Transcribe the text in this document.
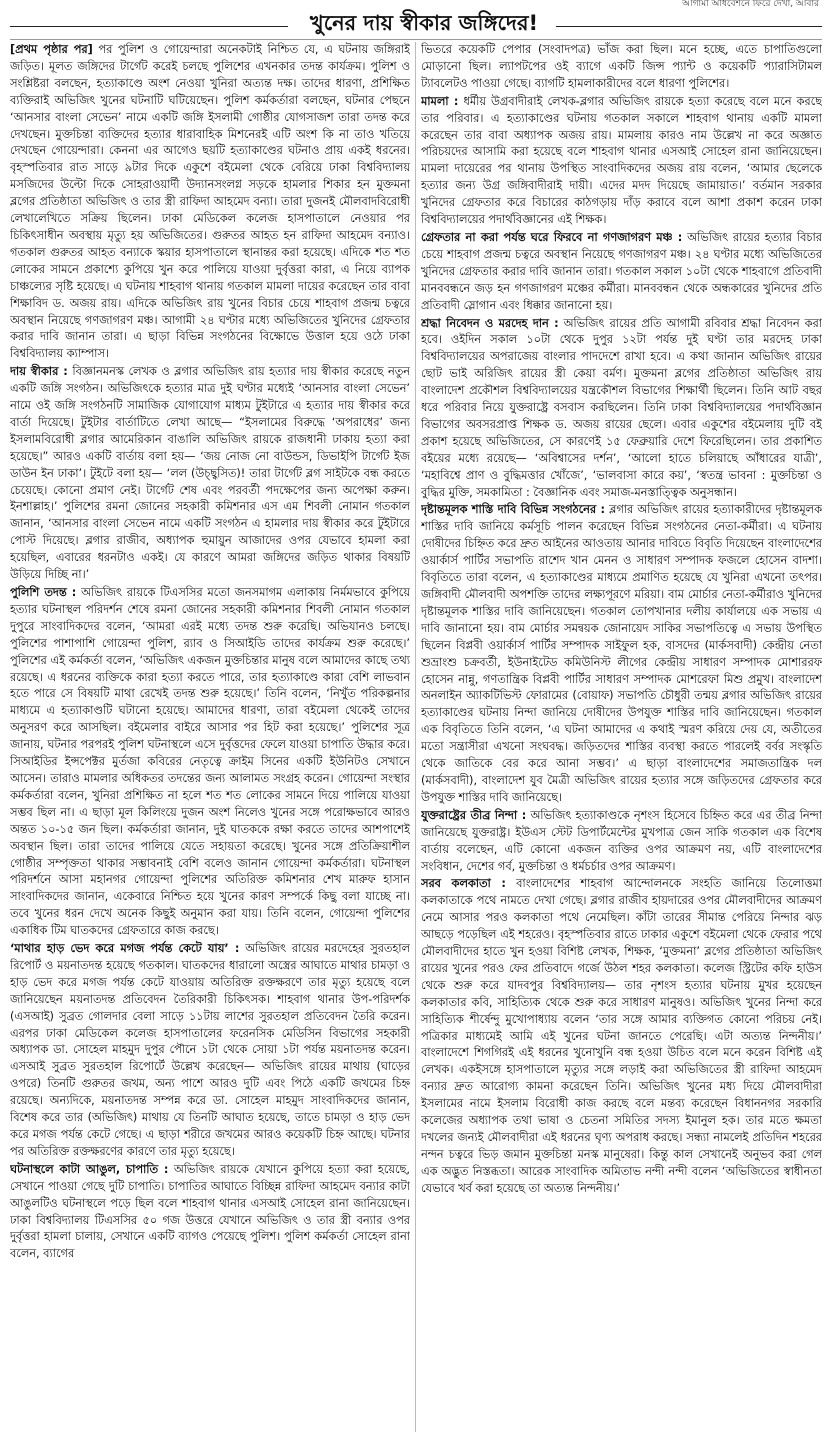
আগামী অধিবেশনে ফিরে দেখা, আবার
খুনের দায় স্বীকার জঙ্গিদের!

[প্রথম পৃষ্ঠার পর] পর পুলিশ ও গোয়েন্দারা অনেকটাই নিশ্চিত যে, এ ঘটনায় জঙ্গিরাই জড়িত। মূলত জঙ্গিদের টার্গেট করেই চলছে পুলিশের এখনকার তদন্ত কার্যক্রম। পুলিশ ও সংশ্লিষ্টরা বলছেন, হত্যাকাণ্ডে অংশ নেওয়া খুনিরা অত্যন্ত দক্ষ। তাদের ধারণা, প্রশিক্ষিত ব্যক্তিরাই অভিজিৎ খুনের ঘটনাটি ঘটিয়েছেন। পুলিশ কর্মকর্তারা বলছেন, ঘটনার পেছনে ‘আনসার বাংলা সেভেন’ নামে একটি জঙ্গি ইসলামী গোষ্ঠীর যোগসাজশ তারা তদন্ত করে দেখছেন। মুক্তচিন্তা ব্যক্তিদের হত্যার ধারাবাহিক মিশনেরই এটি অংশ কি না তাও খতিয়ে দেখছেন গোয়েন্দারা। কেননা এর আগেও ছয়টি হত্যাকাণ্ডের ঘটনাও প্রায় একই ধরনের। বৃহস্পতিবার রাত সাড়ে ৯টার দিকে একুশে বইমেলা থেকে বেরিয়ে ঢাকা বিশ্ববিদ্যালয় মসজিদের উল্টো দিকে সোহরাওয়ার্দী উদ্যানসংলগ্ন সড়কে হামলার শিকার হন মুক্তমনা ব্লগের প্রতিষ্ঠাতা অভিজিৎ ও তার স্ত্রী রাফিদা আহমেদ বন্যা। তারা দুজনই মৌলবাদবিরোধী লেখালেখিতে সক্রিয় ছিলেন। ঢাকা মেডিকেল কলেজ হাসপাতালে নেওয়ার পর চিকিৎসাধীন অবস্থায় মৃত্যু হয় অভিজিতের। গুরুতর আহত হন রাফিদা আহমেদ বন্যাও। গতকাল গুরুতর আহত বন্যাকে স্কয়ার হাসপাতালে স্থানান্তর করা হয়েছে। এদিকে শত শত লোকের সামনে প্রকাশ্যে কুপিয়ে খুন করে পালিয়ে যাওয়া দুর্বৃত্তরা কারা, এ নিয়ে ব্যাপক চাঞ্চল্যের সৃষ্টি হয়েছে। এ ঘটনায় শাহবাগ থানায় গতকাল মামলা দায়ের করেছেন তার বাবা শিক্ষাবিদ ড. অজয় রায়। এদিকে অভিজিৎ রায় খুনের বিচার চেয়ে শাহবাগ প্রজন্ম চত্বরে অবস্থান নিয়েছে গণজাগরণ মঞ্চ। আগামী ২৪ ঘণ্টার মধ্যে অভিজিতের খুনিদের গ্রেফতার করার দাবি জানান তারা। এ ছাড়া বিভিন্ন সংগঠনের বিক্ষোভে উত্তাল হয়ে ওঠে ঢাকা বিশ্ববিদ্যালয় ক্যাম্পাস।

দায় স্বীকার : বিজ্ঞানমনস্ক লেখক ও ব্লগার অভিজিৎ রায় হত্যার দায় স্বীকার করেছে নতুন একটি জঙ্গি সংগঠন। অভিজিৎকে হত্যার মাত্র দুই ঘণ্টার মধ্যেই ‘আনসার বাংলা সেভেন’ নামে ওই জঙ্গি সংগঠনটি সামাজিক যোগাযোগ মাধ্যম টুইটারে এ হত্যার দায় স্বীকার করে বার্তা দিয়েছে। টুইটার বার্তাটিতে লেখা আছে— “ইসলামের বিরুদ্ধে ‘অপরাধের’ জন্য ইসলামবিরোধী ব্লগার আমেরিকান বাঙালি অভিজিৎ রায়কে রাজধানী ঢাকায় হত্যা করা হয়েছে।” আরও একটি বার্তায় বলা হয়— ‘জয় নোজ নো বাউন্ডস, ডিভাইপি টার্গেট ইজ ডাউন ইন ঢাকা’। টুইটে বলা হয়— ‘লল (উচ্ছ্বসিত)! তারা টার্গেট ব্লগ সাইটকে বন্ধ করতে চেয়েছে। কোনো প্রমাণ নেই। টার্গেট শেষ এবং পরবর্তী পদক্ষেপের জন্য অপেক্ষা করুন। ইনশাল্লাহ।’ পুলিশের রমনা জোনের সহকারী কমিশনার এস এম শিবলী নোমান গতকাল জানান, ‘আনসার বাংলা সেভেন নামে একটি সংগঠন এ হামলার দায় স্বীকার করে টুইটারে পোস্ট দিয়েছে। ব্লগার রাজীব, অধ্যাপক হুমায়ুন আজাদের ওপর যেভাবে হামলা করা হয়েছিল, এবারের ধরনটাও একই। যে কারণে আমরা জঙ্গিদের জড়িত থাকার বিষয়টি উড়িয়ে দিচ্ছি না।’

পুলিশি তদন্ত : অভিজিৎ রায়কে টিএসসির মতো জনসমাগম এলাকায় নির্মমভাবে কুপিয়ে হত্যার ঘটনাস্থল পরিদর্শন শেষে রমনা জোনের সহকারী কমিশনার শিবলী নোমান গতকাল দুপুরে সাংবাদিকদের বলেন, ‘আমরা এরই মধ্যে তদন্ত শুরু করেছি। অভিযানও চলছে। পুলিশের পাশাপাশি গোয়েন্দা পুলিশ, র‍্যাব ও সিআইডি তাদের কার্যক্রম শুরু করেছে।’ পুলিশের এই কর্মকর্তা বলেন, ‘অভিজিৎ একজন মুক্তচিন্তার মানুষ বলে আমাদের কাছে তথ্য রয়েছে। এ ধরনের ব্যক্তিকে কারা হত্যা করতে পারে, তার হত্যাকাণ্ডে কারা বেশি লাভবান হতে পারে সে বিষয়টি মাথা রেখেই তদন্ত শুরু হয়েছে।’ তিনি বলেন, ‘নিখুঁত পরিকল্পনার মাধ্যমে এ হত্যাকাণ্ডটি ঘটানো হয়েছে। আমাদের ধারণা, তারা বইমেলা থেকেই তাদের অনুসরণ করে আসছিল। বইমেলার বাইরে আসার পর হিট করা হয়েছে।’ পুলিশের সূত্র জানায়, ঘটনার পরপরই পুলিশ ঘটনাস্থলে এসে দুর্বৃত্তদের ফেলে যাওয়া চাপাতি উদ্ধার করে। সিআইডির ইন্সপেক্টর মুর্তজা কবিরের নেতৃত্বে ক্রাইম সিনের একটি ইউনিটও সেখানে আসেন। তারাও মামলার অধিকতর তদন্তের জন্য আলামত সংগ্রহ করেন। গোয়েন্দা সংস্থার কর্মকর্তারা বলেন, খুনিরা প্রশিক্ষিত না হলে শত শত লোকের সামনে দিয়ে পালিয়ে যাওয়া সম্ভব ছিল না। এ ছাড়া মূল কিলিংয়ে দুজন অংশ নিলেও খুনের সঙ্গে পরোক্ষভাবে আরও অন্তত ১০-১৫ জন ছিল। কর্মকর্তারা জানান, দুই ঘাতককে রক্ষা করতে তাদের আশপাশেই অবস্থান ছিল। তারা তাদের পালিয়ে যেতে সহায়তা করেছে। খুনের সঙ্গে প্রতিক্রিয়াশীল গোষ্ঠীর সম্পৃক্ততা থাকার সম্ভাবনাই বেশি বলেও জানান গোয়েন্দা কর্মকর্তারা। ঘটনাস্থল পরিদর্শনে আসা মহানগর গোয়েন্দা পুলিশের অতিরিক্ত কমিশনার শেখ মারুফ হাসান সাংবাদিকদের জানান, একেবারে নিশ্চিত হয়ে খুনের কারণ সম্পর্কে কিছু বলা যাচ্ছে না। তবে খুনের ধরন দেখে অনেক কিছুই অনুমান করা যায়। তিনি বলেন, গোয়েন্দা পুলিশের একাধিক টিম ঘাতকদের গ্রেফতারে কাজ করছে।

‘মাথার হাড় ভেদ করে মগজ পর্যন্ত কেটে যায়’ : অভিজিৎ রায়ের মরদেহের সুরতহাল রিপোর্ট ও ময়নাতদন্ত হয়েছে গতকাল। ঘাতকদের ধারালো অস্ত্রের আঘাতে মাথার চামড়া ও হাড় ভেদ করে মগজ পর্যন্ত কেটে যাওয়ায় অতিরিক্ত রক্তক্ষরণে তার মৃত্যু হয়েছে বলে জানিয়েছেন ময়নাতদন্ত প্রতিবেদন তৈরিকারী চিকিৎসক। শাহবাগ থানার উপ-পরিদর্শক (এসআই) সুব্রত গোলদার বেলা সাড়ে ১১টায় লাশের সুরতহাল প্রতিবেদন তৈরি করেন। এরপর ঢাকা মেডিকেল কলেজ হাসপাতালের ফরেনসিক মেডিসিন বিভাগের সহকারী অধ্যাপক ডা. সোহেল মাহমুদ দুপুর পৌনে ১টা থেকে সোয়া ১টা পর্যন্ত ময়নাতদন্ত করেন। এসআই সুব্রত সুরতহাল রিপোর্টে উল্লেখ করেছেন— অভিজিৎ রায়ের মাথায় (ঘাড়ের ওপরে) তিনটি গুরুতর জখম, অন্য পাশে আরও দুটি এবং পিঠে একটি জখমের চিহ্ন রয়েছে। অন্যদিকে, ময়নাতদন্ত সম্পন্ন করে ডা. সোহেল মাহমুদ সাংবাদিকদের জানান, বিশেষ করে তার (অভিজিৎ) মাথায় যে তিনটি আঘাত হয়েছে, তাতে চামড়া ও হাড় ভেদ করে মগজ পর্যন্ত কেটে গেছে। এ ছাড়া শরীরে জখমের আরও কয়েকটি চিহ্ন আছে। ঘটনার পর অতিরিক্ত রক্তক্ষরণের কারণে তার মৃত্যু হয়েছে।

ঘটনাস্থলে কাটা আঙুল, চাপাতি : অভিজিৎ রায়কে যেখানে কুপিয়ে হত্যা করা হয়েছে, সেখানে পাওয়া গেছে দুটি চাপাতি। চাপাতির আঘাতে বিচ্ছিন্ন রাফিদা আহমেদ বন্যার কাটা আঙুলটিও ঘটনাস্থলে পড়ে ছিল বলে শাহবাগ থানার এসআই সোহেল রানা জানিয়েছেন। ঢাকা বিশ্ববিদ্যালয় টিএসসির ৫০ গজ উত্তরে যেখানে অভিজিৎ ও তার স্ত্রী বন্যার ওপর দুর্বৃত্তরা হামলা চালায়, সেখানে একটি ব্যাগও পেয়েছে পুলিশ। পুলিশ কর্মকর্তা সোহেল রানা বলেন, ব্যাগের

ভিতরে কয়েকটি পেপার (সংবাদপত্র) ভাঁজ করা ছিল। মনে হচ্ছে, এতে চাপাতিগুলো মোড়ানো ছিল। ল্যাপটপের ওই ব্যাগে একটি জিন্স প্যান্ট ও কয়েকটি প্যারাসিটামল ট্যাবলেটও পাওয়া গেছে। ব্যাগটি হামলাকারীদের বলে ধারণা পুলিশের।

মামলা : ধর্মীয় উগ্রবাদীরাই লেখক-ব্লগার অভিজিৎ রায়কে হত্যা করেছে বলে মনে করছে তার পরিবার। এ হত্যাকাণ্ডের ঘটনায় গতকাল সকালে শাহবাগ থানায় একটি মামলা করেছেন তার বাবা অধ্যাপক অজয় রায়। মামলায় কারও নাম উল্লেখ না করে অজ্ঞাত পরিচয়দের আসামি করা হয়েছে বলে শাহবাগ থানার এসআই সোহেল রানা জানিয়েছেন। মামলা দায়েরের পর থানায় উপস্থিত সাংবাদিকদের অজয় রায় বলেন, ‘আমার ছেলেকে হত্যার জন্য উগ্র জঙ্গিবাদীরাই দায়ী। এদের মদদ দিয়েছে জামায়াত।’ বর্তমান সরকার খুনিদের গ্রেফতার করে বিচারের কাঠগড়ায় দাঁড় করাবে বলে আশা প্রকাশ করেন ঢাকা বিশ্ববিদ্যালয়ের পদার্থবিজ্ঞানের এই শিক্ষক।

গ্রেফতার না করা পর্যন্ত ঘরে ফিরবে না গণজাগরণ মঞ্চ : অভিজিৎ রায়ের হত্যার বিচার চেয়ে শাহবাগ প্রজন্ম চত্বরে অবস্থান নিয়েছে গণজাগরণ মঞ্চ। ২৪ ঘণ্টার মধ্যে অভিজিতের খুনিদের গ্রেফতার করার দাবি জানান তারা। গতকাল সকাল ১০টা থেকে শাহবাগে প্রতিবাদী মানববন্ধনে জড় হন গণজাগরণ মঞ্চের কর্মীরা। মানববন্ধন থেকে অন্ধকারের খুনিদের প্রতি প্রতিবাদী স্লোগান এবং ধিক্কার জানানো হয়।

শ্রদ্ধা নিবেদন ও মরদেহ দান : অভিজিৎ রায়ের প্রতি আগামী রবিবার শ্রদ্ধা নিবেদন করা হবে। ওইদিন সকাল ১০টা থেকে দুপুর ১২টা পর্যন্ত দুই ঘণ্টা তার মরদেহ ঢাকা বিশ্ববিদ্যালয়ের অপরাজেয় বাংলার পাদদেশে রাখা হবে। এ কথা জানান অভিজিৎ রায়ের ছোট ভাই অরিজিৎ রায়ের স্ত্রী কেয়া বর্মণ। মুক্তমনা ব্লগের প্রতিষ্ঠাতা অভিজিৎ রায় বাংলাদেশ প্রকৌশল বিশ্ববিদ্যালয়ের যন্ত্রকৌশল বিভাগের শিক্ষার্থী ছিলেন। তিনি আট বছর ধরে পরিবার নিয়ে যুক্তরাষ্ট্রে বসবাস করছিলেন। তিনি ঢাকা বিশ্ববিদ্যালয়ের পদার্থবিজ্ঞান বিভাগের অবসরপ্রাপ্ত শিক্ষক ড. অজয় রায়ের ছেলে। এবার একুশের বইমেলায় দুটি বই প্রকাশ হয়েছে অভিজিতের, সে কারণেই ১৫ ফেব্রুয়ারি দেশে ফিরেছিলেন। তার প্রকাশিত বইয়ের মধ্যে রয়েছে— ‘অবিশ্বাসের দর্শন’, ‘আলো হাতে চলিয়াছে আঁধারের যাত্রী’, ‘মহাবিশ্বে প্রাণ ও বুদ্ধিমত্তার খোঁজে’, ‘ভালবাসা কারে কয়’, ‘স্বতন্ত্র ভাবনা : মুক্তচিন্তা ও বুদ্ধির মুক্তি, সমকামিতা : বৈজ্ঞানিক এবং সমাজ-মনস্তাত্ত্বিক অনুসন্ধান।

দৃষ্টান্তমূলক শাস্তি দাবি বিভিন্ন সংগঠনের : ব্লগার অভিজিৎ রায়ের হত্যাকারীদের দৃষ্টান্তমূলক শাস্তির দাবি জানিয়ে কর্মসূচি পালন করেছেন বিভিন্ন সংগঠনের নেতা-কর্মীরা। এ ঘটনায় দোষীদের চিহ্নিত করে দ্রুত আইনের আওতায় আনার দাবিতে বিবৃতি দিয়েছেন বাংলাদেশের ওয়ার্কার্স পার্টির সভাপতি রাশেদ খান মেনন ও সাধারণ সম্পাদক ফজলে হোসেন বাদশা। বিবৃতিতে তারা বলেন, এ হত্যাকাণ্ডের মাধ্যমে প্রমাণিত হয়েছে যে খুনিরা এখনো তৎপর। জঙ্গিবাদী মৌলবাদী অপশক্তি তাদের লক্ষ্যপূরণে মরিয়া। বাম মোর্চার নেতা-কর্মীরাও খুনিদের দৃষ্টান্তমূলক শাস্তির দাবি জানিয়েছেন। গতকাল তোপখানার দলীয় কার্যালয়ে এক সভায় এ দাবি জানানো হয়। বাম মোর্চার সমন্বয়ক জোনায়েদ সাকির সভাপতিত্বে এ সভায় উপস্থিত ছিলেন বিপ্লবী ওয়ার্কার্স পার্টির সম্পাদক সাইফুল হক, বাসদের (মার্কসবাদী) কেন্দ্রীয় নেতা শুভ্রাংশু চক্রবর্তী, ইউনাইটেড কমিউনিস্ট লীগের কেন্দ্রীয় সাধারণ সম্পাদক মোশাররফ হোসেন নান্নু, গণতান্ত্রিক বিপ্লবী পার্টির সাধারণ সম্পাদক মোশরেফা মিশু প্রমুখ। বাংলাদেশ অনলাইন অ্যাকটিভিস্ট ফোরামের (বোয়াফ) সভাপতি চৌধুরী তন্ময় ব্লগার অভিজিৎ রায়ের হত্যাকাণ্ডের ঘটনায় নিন্দা জানিয়ে দোষীদের উপযুক্ত শাস্তির দাবি জানিয়েছেন। গতকাল এক বিবৃতিতে তিনি বলেন, ‘এ ঘটনা আমাদের এ কথাই স্মরণ করিয়ে দেয় যে, অতীতের মতো সন্ত্রাসীরা এখনো সংঘবদ্ধ। জড়িতদের শাস্তির ব্যবস্থা করতে পারলেই বর্বর সংস্কৃতি থেকে জাতিকে বের করে আনা সম্ভব।’ এ ছাড়া বাংলাদেশের সমাজতান্ত্রিক দল (মার্কসবাদী), বাংলাদেশ যুব মৈত্রী অভিজিৎ রায়ের হত্যার সঙ্গে জড়িতদের গ্রেফতার করে উপযুক্ত শাস্তির দাবি জানিয়েছে।

যুক্তরাষ্ট্রের তীব্র নিন্দা : অভিজিৎ হত্যাকাণ্ডকে নৃশংস হিসেবে চিহ্নিত করে এর তীব্র নিন্দা জানিয়েছে যুক্তরাষ্ট্র। ইউএস স্টেট ডিপার্টমেন্টের মুখপাত্র জেন সাকি গতকাল এক বিশেষ বার্তায় বলেছেন, এটি কোনো একজন ব্যক্তির ওপর আক্রমণ নয়, এটি বাংলাদেশের সংবিধান, দেশের গর্ব, মুক্তচিন্তা ও ধর্মচর্চার ওপর আক্রমণ।

সরব কলকাতা : বাংলাদেশের শাহবাগ আন্দোলনকে সংহতি জানিয়ে তিলোত্তমা কলকাতাকে পথে নামতে দেখা গেছে। ব্লগার রাজীব হায়দারের ওপর মৌলবাদীদের আক্রমণ নেমে আসার পরও কলকাতা পথে নেমেছিল। কাঁটা তারের সীমান্ত পেরিয়ে নিন্দার ঝড় আছড়ে পড়েছিল এই শহরেও। বৃহস্পতিবার রাতে ঢাকার একুশে বইমেলা থেকে ফেরার পথে মৌলবাদীদের হাতে খুন হওয়া বিশিষ্ট লেখক, শিক্ষক, ‘মুক্তমনা’ ব্লগের প্রতিষ্ঠাতা অভিজিৎ রায়ের খুনের পরও ফের প্রতিবাদে গর্জে উঠল শহর কলকাতা। কলেজ স্ট্রিটের কফি হাউস থেকে শুরু করে যাদবপুর বিশ্ববিদ্যালয়— তার নৃশংস হত্যার ঘটনায় মুখর হয়েছেন কলকাতার কবি, সাহিত্যিক থেকে শুরু করে সাধারণ মানুষও। অভিজিৎ খুনের নিন্দা করে সাহিত্যিক শীর্ষেন্দু মুখোপাধ্যায় বলেন ‘তার সঙ্গে আমার ব্যক্তিগত কোনো পরিচয় নেই। পত্রিকার মাধ্যমেই আমি এই খুনের ঘটনা জানতে পেরেছি। এটা অত্যন্ত নিন্দনীয়।’ বাংলাদেশে শিগগিরই এই ধরনের খুনোখুনি বন্ধ হওয়া উচিত বলে মনে করেন বিশিষ্ট এই লেখক। একইসঙ্গে হাসপাতালে মৃত্যুর সঙ্গে লড়াই করা অভিজিতের স্ত্রী রাফিদা আহমেদ বন্যার দ্রুত আরোগ্য কামনা করেছেন তিনি। অভিজিৎ খুনের মধ্য দিয়ে মৌলবাদীরা ইসলামের নামে ইসলাম বিরোধী কাজ করছে বলে মন্তব্য করেছেন বিধাননগর সরকারি কলেজের অধ্যাপক তথা ভাষা ও চেতনা সমিতির সদস্য ইমানুল হক। তার মতে ক্ষমতা দখলের জন্যই মৌলবাদীরা এই ধরনের ঘৃণ্য অপরাধ করছে। সন্ধ্যা নামলেই প্রতিদিন শহরের নন্দন চত্বরে ভিড় জমান মুক্তচিন্তা মনস্ক মানুষেরা। কিন্তু কাল সেখানেই অনুভব করা গেল এক অদ্ভুত নিস্তব্ধতা। আরেক সাংবাদিক অমিতাভ নন্দী নন্দী বলেন ‘অভিজিতের স্বাধীনতা যেভাবে খর্ব করা হয়েছে তা অত্যন্ত নিন্দনীয়।’
